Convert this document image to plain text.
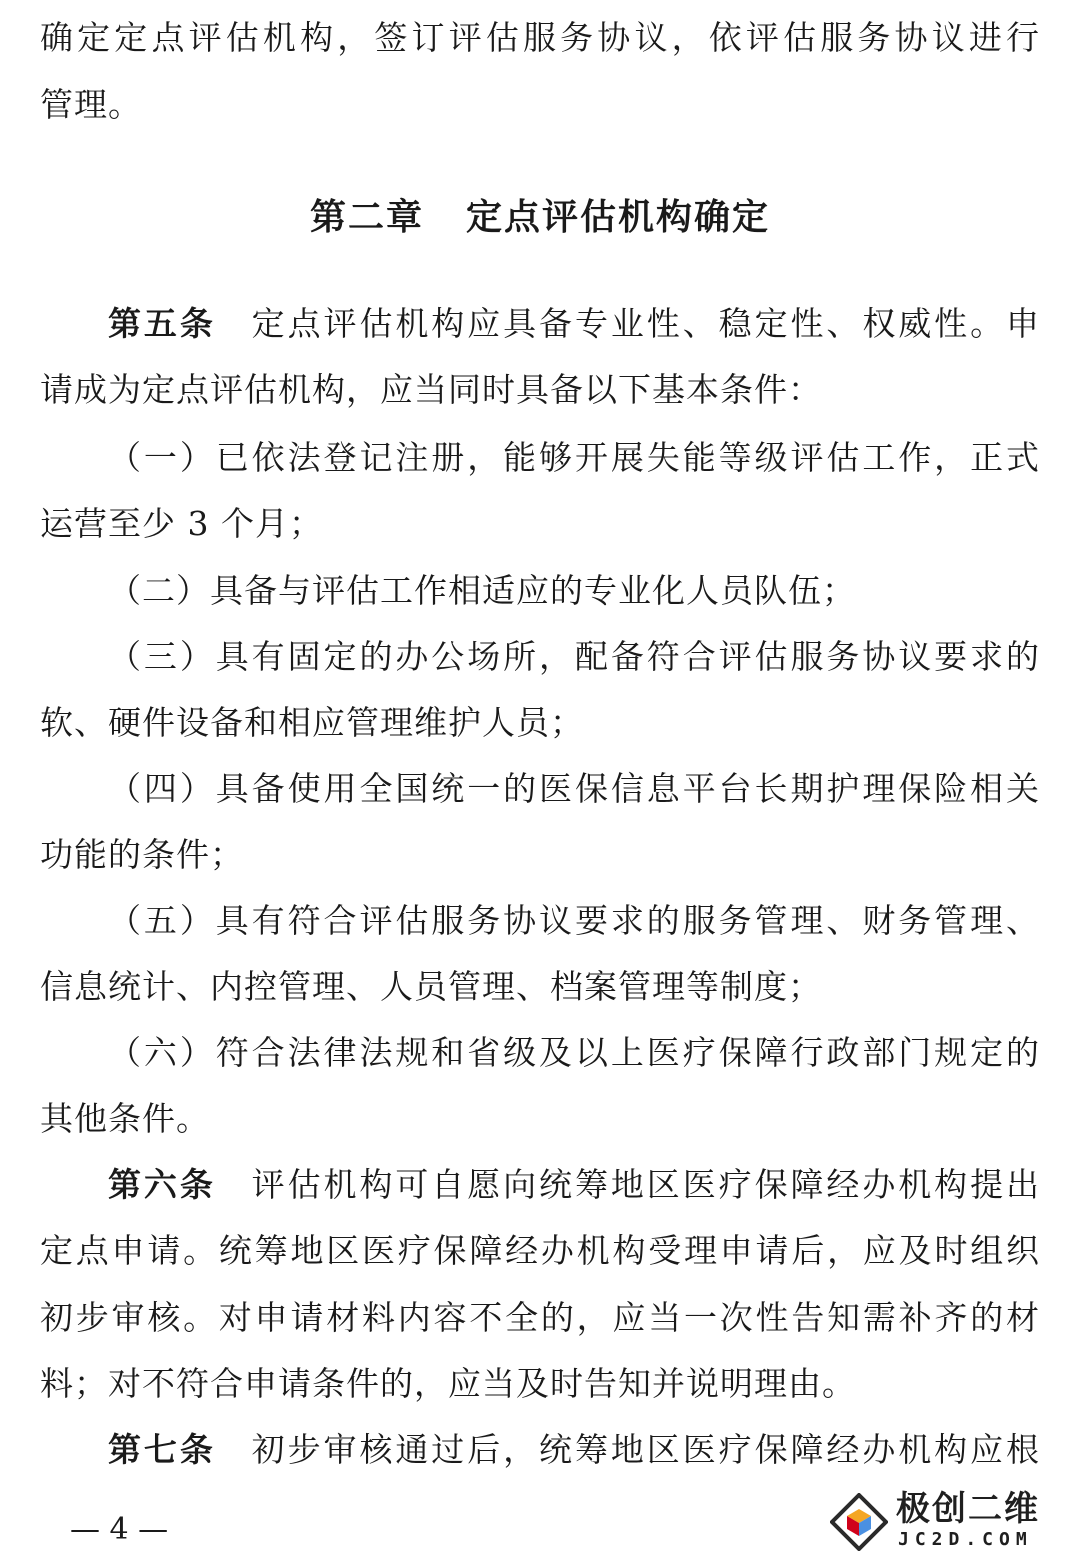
确定定点评估机构，签订评估服务协议，依评估服务协议进行
管理。
第二章 定点评估机构确定
第五条 定点评估机构应具备专业性、稳定性、权威性。申
请成为定点评估机构，应当同时具备以下基本条件：
（一）已依法登记注册，能够开展失能等级评估工作，正式
运营至少 3 个月；
（二）具备与评估工作相适应的专业化人员队伍；
（三）具有固定的办公场所，配备符合评估服务协议要求的
软、硬件设备和相应管理维护人员；
（四）具备使用全国统一的医保信息平台长期护理保险相关
功能的条件；
（五）具有符合评估服务协议要求的服务管理、财务管理、
信息统计、内控管理、人员管理、档案管理等制度；
（六）符合法律法规和省级及以上医疗保障行政部门规定的
其他条件。
第六条 评估机构可自愿向统筹地区医疗保障经办机构提出
定点申请。统筹地区医疗保障经办机构受理申请后，应及时组织
初步审核。对申请材料内容不全的，应当一次性告知需补齐的材
料；对不符合申请条件的，应当及时告知并说明理由。
第七条 初步审核通过后，统筹地区医疗保障经办机构应根
— 4 —
极创二维
JC2D.COM
